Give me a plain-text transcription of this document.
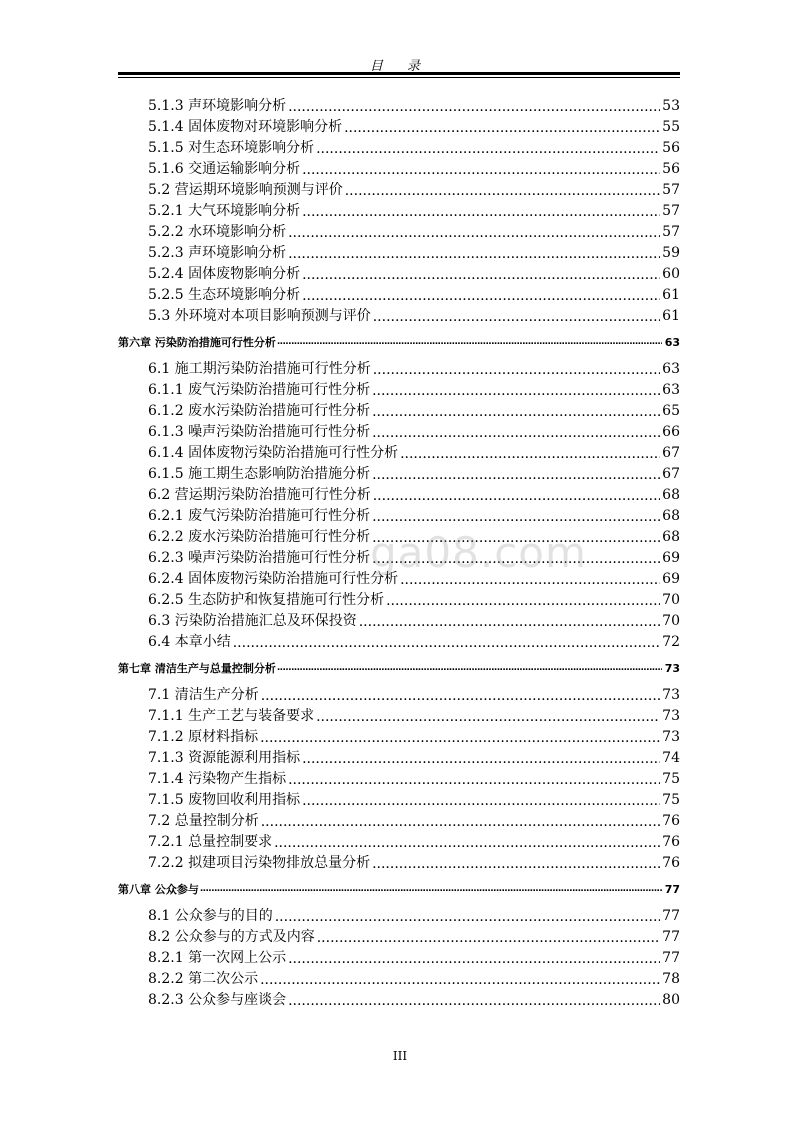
目 录
5.1.3 声环境影响分析 .....	53
5.1.4 固体废物对环境影响分析 .....	55
5.1.5 对生态环境影响分析 .....	56
5.1.6 交通运输影响分析 .....	56
5.2 营运期环境影响预测与评价 .....	57
5.2.1 大气环境影响分析 .....	57
5.2.2 水环境影响分析 .....	57
5.2.3 声环境影响分析 .....	59
5.2.4 固体废物影响分析 .....	60
5.2.5 生态环境影响分析 .....	61
5.3 外环境对本项目影响预测与评价 .....	61
第六章 污染防治措施可行性分析 .....	63
6.1 施工期污染防治措施可行性分析 .....	63
6.1.1 废气污染防治措施可行性分析 .....	63
6.1.2 废水污染防治措施可行性分析 .....	65
6.1.3 噪声污染防治措施可行性分析 .....	66
6.1.4 固体废物污染防治措施可行性分析 .....	67
6.1.5 施工期生态影响防治措施分析 .....	67
6.2 营运期污染防治措施可行性分析 .....	68
6.2.1 废气污染防治措施可行性分析 .....	68
6.2.2 废水污染防治措施可行性分析 .....	68
6.2.3 噪声污染防治措施可行性分析 .....	69
6.2.4 固体废物污染防治措施可行性分析 .....	69
6.2.5 生态防护和恢复措施可行性分析 .....	70
6.3 污染防治措施汇总及环保投资 .....	70
6.4 本章小结 .....	72
第七章 清洁生产与总量控制分析 .....	73
7.1 清洁生产分析 .....	73
7.1.1 生产工艺与装备要求 .....	73
7.1.2 原材料指标 .....	73
7.1.3 资源能源利用指标 .....	74
7.1.4 污染物产生指标 .....	75
7.1.5 废物回收利用指标 .....	75
7.2 总量控制分析 .....	76
7.2.1 总量控制要求 .....	76
7.2.2 拟建项目污染物排放总量分析 .....	76
第八章 公众参与 .....	77
8.1 公众参与的目的 .....	77
8.2 公众参与的方式及内容 .....	77
8.2.1 第一次网上公示 .....	77
8.2.2 第二次公示 .....	78
8.2.3 公众参与座谈会 .....	80
ga08.com
III
